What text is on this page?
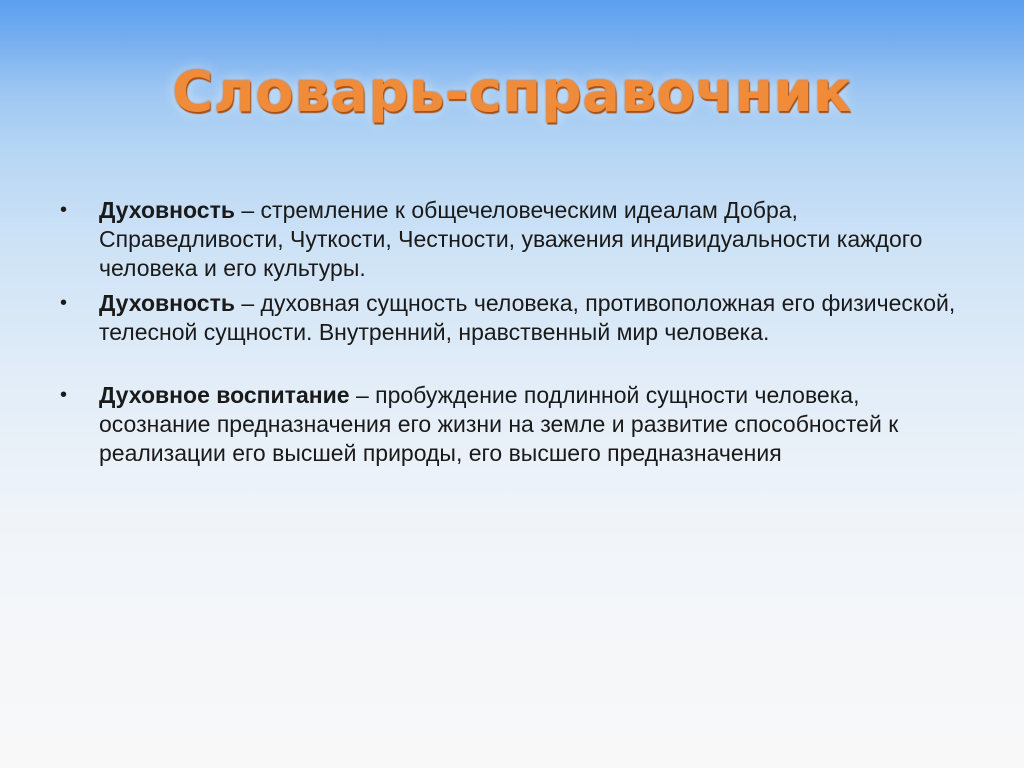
Словарь-справочник
• Духовность – стремление к общечеловеческим идеалам Добра, Справедливости, Чуткости, Честности, уважения индивидуальности каждого человека и его культуры.
• Духовность – духовная сущность человека, противоположная его физической, телесной сущности. Внутренний, нравственный мир человека.
• Духовное воспитание – пробуждение подлинной сущности человека, осознание предназначения его жизни на земле и развитие способностей к реализации его высшей природы, его высшего предназначения
